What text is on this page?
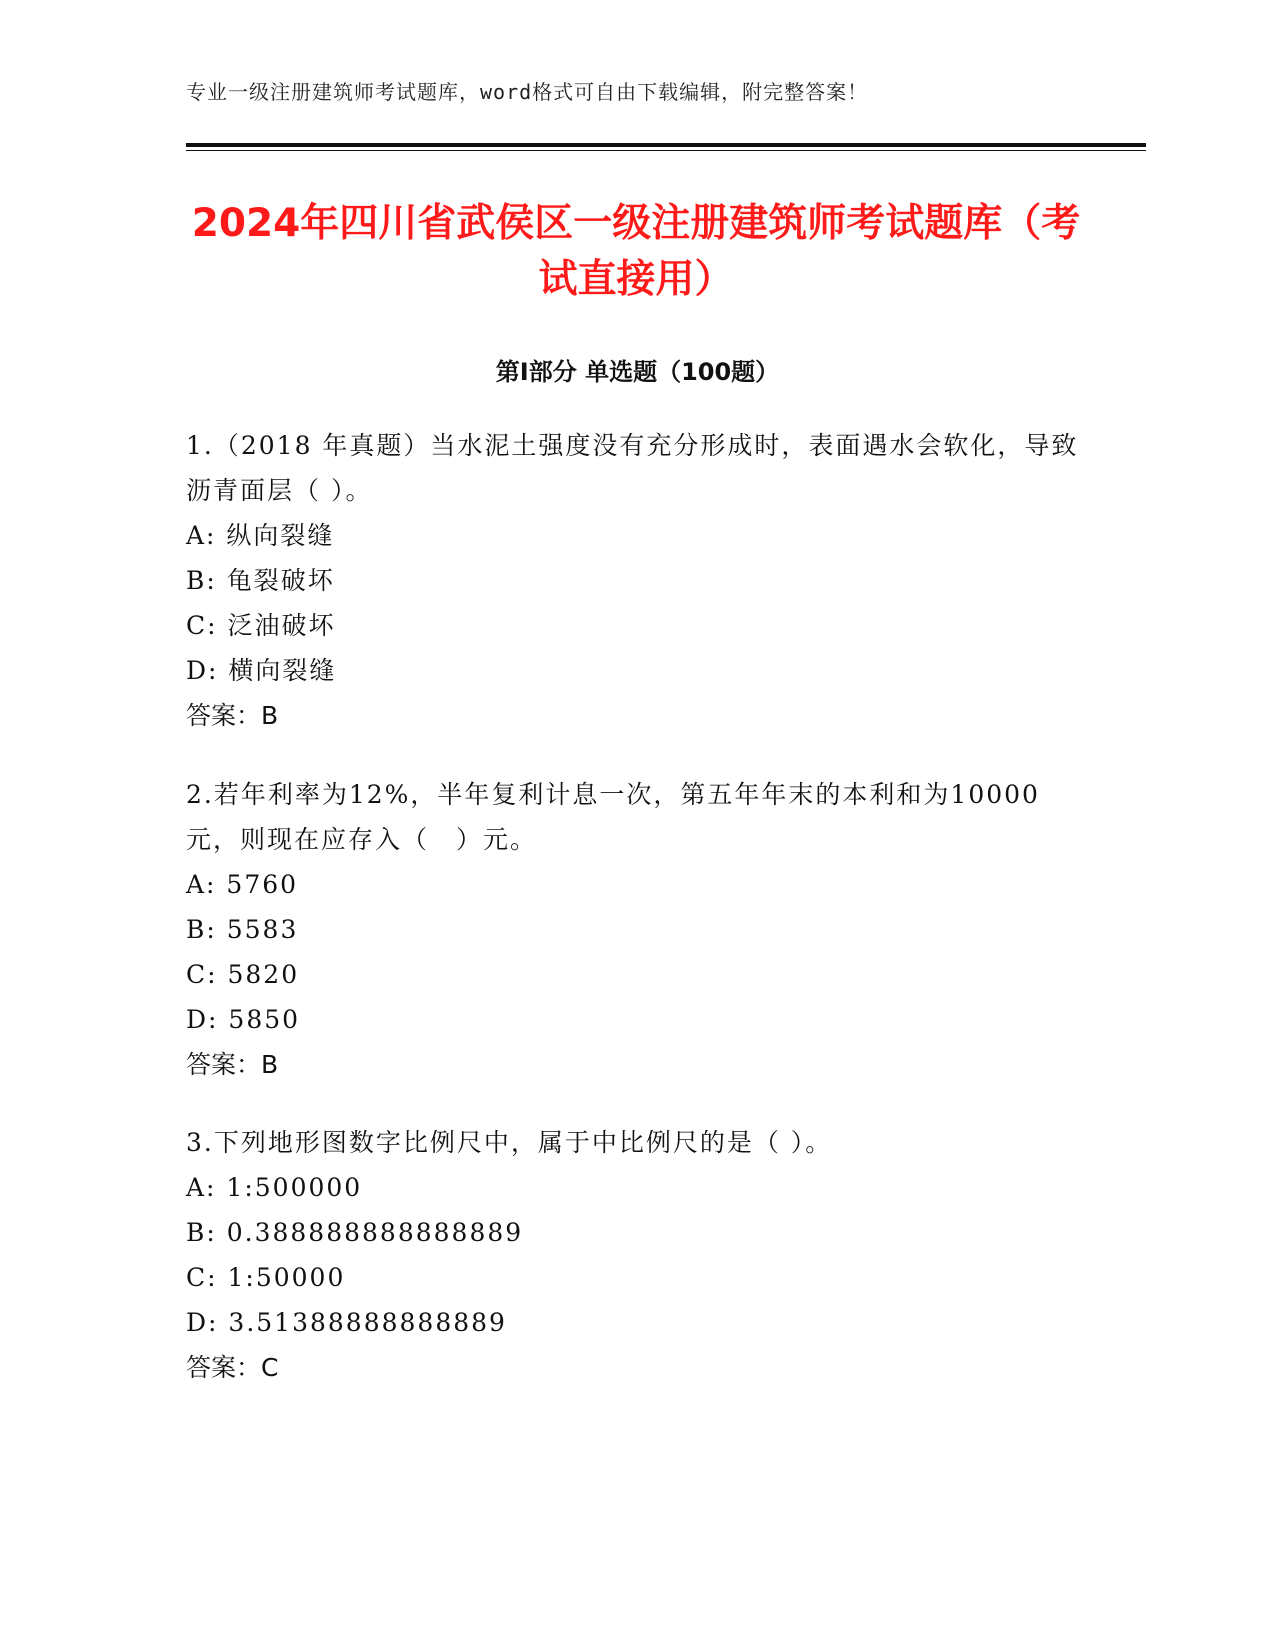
专业一级注册建筑师考试题库，word格式可自由下载编辑，附完整答案！
2024年四川省武侯区一级注册建筑师考试题库（考试直接用）
第Ⅰ部分 单选题（100题）
1.（2018 年真题）当水泥土强度没有充分形成时，表面遇水会软化，导致沥青面层（ ）。
A: 纵向裂缝
B: 龟裂破坏
C: 泛油破坏
D: 横向裂缝
答案：B
2.若年利率为12%，半年复利计息一次，第五年年末的本利和为10000元，则现在应存入（　）元。
A: 5760
B: 5583
C: 5820
D: 5850
答案：B
3.下列地形图数字比例尺中，属于中比例尺的是（ ）。
A: 1:500000
B: 0.388888888888889
C: 1:50000
D: 3.51388888888889
答案：C
